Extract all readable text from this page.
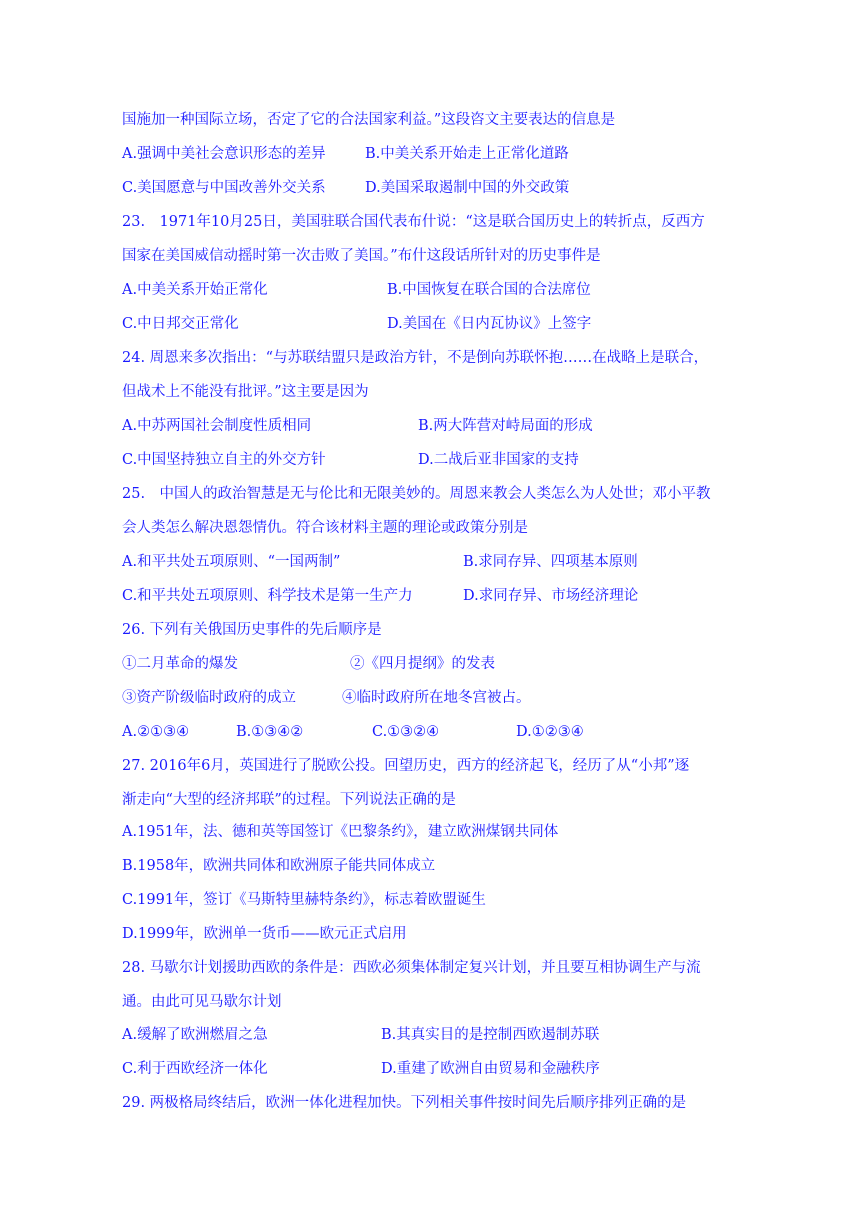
国施加一种国际立场，否定了它的合法国家利益。”这段咨文主要表达的信息是
A.强调中美社会意识形态的差异	B.中美关系开始走上正常化道路
C.美国愿意与中国改善外交关系	D.美国采取遏制中国的外交政策
23.　1971年10月25日，美国驻联合国代表布什说：“这是联合国历史上的转折点，反西方
国家在美国威信动摇时第一次击败了美国。”布什这段话所针对的历史事件是
A.中美关系开始正常化	B.中国恢复在联合国的合法席位
C.中日邦交正常化	D.美国在《日内瓦协议》上签字
24. 周恩来多次指出：“与苏联结盟只是政治方针，不是倒向苏联怀抱……在战略上是联合，
但战术上不能没有批评。”这主要是因为
A.中苏两国社会制度性质相同	B.两大阵营对峙局面的形成
C.中国坚持独立自主的外交方针	D.二战后亚非国家的支持
25.　中国人的政治智慧是无与伦比和无限美妙的。周恩来教会人类怎么为人处世；邓小平教
会人类怎么解决恩怨情仇。符合该材料主题的理论或政策分别是
A.和平共处五项原则、“一国两制”	B.求同存异、四项基本原则
C.和平共处五项原则、科学技术是第一生产力	D.求同存异、市场经济理论
26. 下列有关俄国历史事件的先后顺序是
①二月革命的爆发	②《四月提纲》的发表
③资产阶级临时政府的成立	④临时政府所在地冬宫被占。
A.②①③④	B.①③④②	C.①③②④	D.①②③④
27. 2016年6月，英国进行了脱欧公投。回望历史，西方的经济起飞，经历了从“小邦”逐
渐走向“大型的经济邦联”的过程。下列说法正确的是
A.1951年，法、德和英等国签订《巴黎条约》，建立欧洲煤钢共同体
B.1958年，欧洲共同体和欧洲原子能共同体成立
C.1991年，签订《马斯特里赫特条约》，标志着欧盟诞生
D.1999年，欧洲单一货币——欧元正式启用
28. 马歇尔计划援助西欧的条件是：西欧必须集体制定复兴计划，并且要互相协调生产与流
通。由此可见马歇尔计划
A.缓解了欧洲燃眉之急	B.其真实目的是控制西欧遏制苏联
C.利于西欧经济一体化	D.重建了欧洲自由贸易和金融秩序
29. 两极格局终结后，欧洲一体化进程加快。下列相关事件按时间先后顺序排列正确的是
